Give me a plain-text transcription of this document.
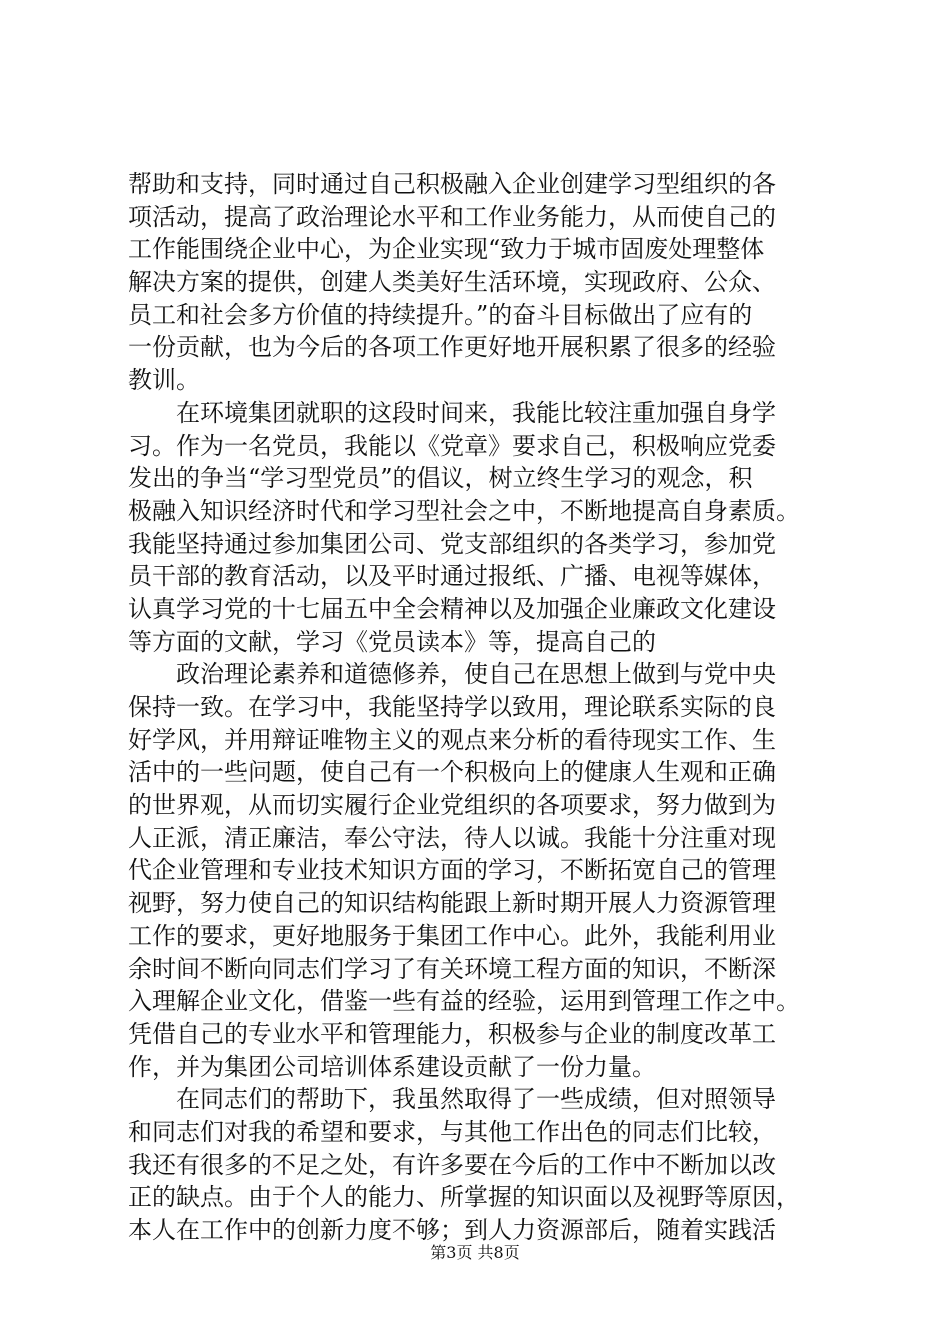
帮助和支持，同时通过自己积极融入企业创建学习型组织的各
项活动，提高了政治理论水平和工作业务能力，从而使自己的
工作能围绕企业中心，为企业实现“致力于城市固废处理整体
解决方案的提供，创建人类美好生活环境，实现政府、公众、
员工和社会多方价值的持续提升。”的奋斗目标做出了应有的
一份贡献，也为今后的各项工作更好地开展积累了很多的经验
教训。
　　在环境集团就职的这段时间来，我能比较注重加强自身学
习。作为一名党员，我能以《党章》要求自己，积极响应党委
发出的争当“学习型党员”的倡议，树立终生学习的观念，积
极融入知识经济时代和学习型社会之中，不断地提高自身素质。
我能坚持通过参加集团公司、党支部组织的各类学习，参加党
员干部的教育活动，以及平时通过报纸、广播、电视等媒体，
认真学习党的十七届五中全会精神以及加强企业廉政文化建设
等方面的文献，学习《党员读本》等，提高自己的
　　政治理论素养和道德修养，使自己在思想上做到与党中央
保持一致。在学习中，我能坚持学以致用，理论联系实际的良
好学风，并用辩证唯物主义的观点来分析的看待现实工作、生
活中的一些问题，使自己有一个积极向上的健康人生观和正确
的世界观，从而切实履行企业党组织的各项要求，努力做到为
人正派，清正廉洁，奉公守法，待人以诚。我能十分注重对现
代企业管理和专业技术知识方面的学习，不断拓宽自己的管理
视野，努力使自己的知识结构能跟上新时期开展人力资源管理
工作的要求，更好地服务于集团工作中心。此外，我能利用业
余时间不断向同志们学习了有关环境工程方面的知识，不断深
入理解企业文化，借鉴一些有益的经验，运用到管理工作之中。
凭借自己的专业水平和管理能力，积极参与企业的制度改革工
作，并为集团公司培训体系建设贡献了一份力量。
　　在同志们的帮助下，我虽然取得了一些成绩，但对照领导
和同志们对我的希望和要求，与其他工作出色的同志们比较，
我还有很多的不足之处，有许多要在今后的工作中不断加以改
正的缺点。由于个人的能力、所掌握的知识面以及视野等原因，
本人在工作中的创新力度不够；到人力资源部后，随着实践活
第3页 共8页
